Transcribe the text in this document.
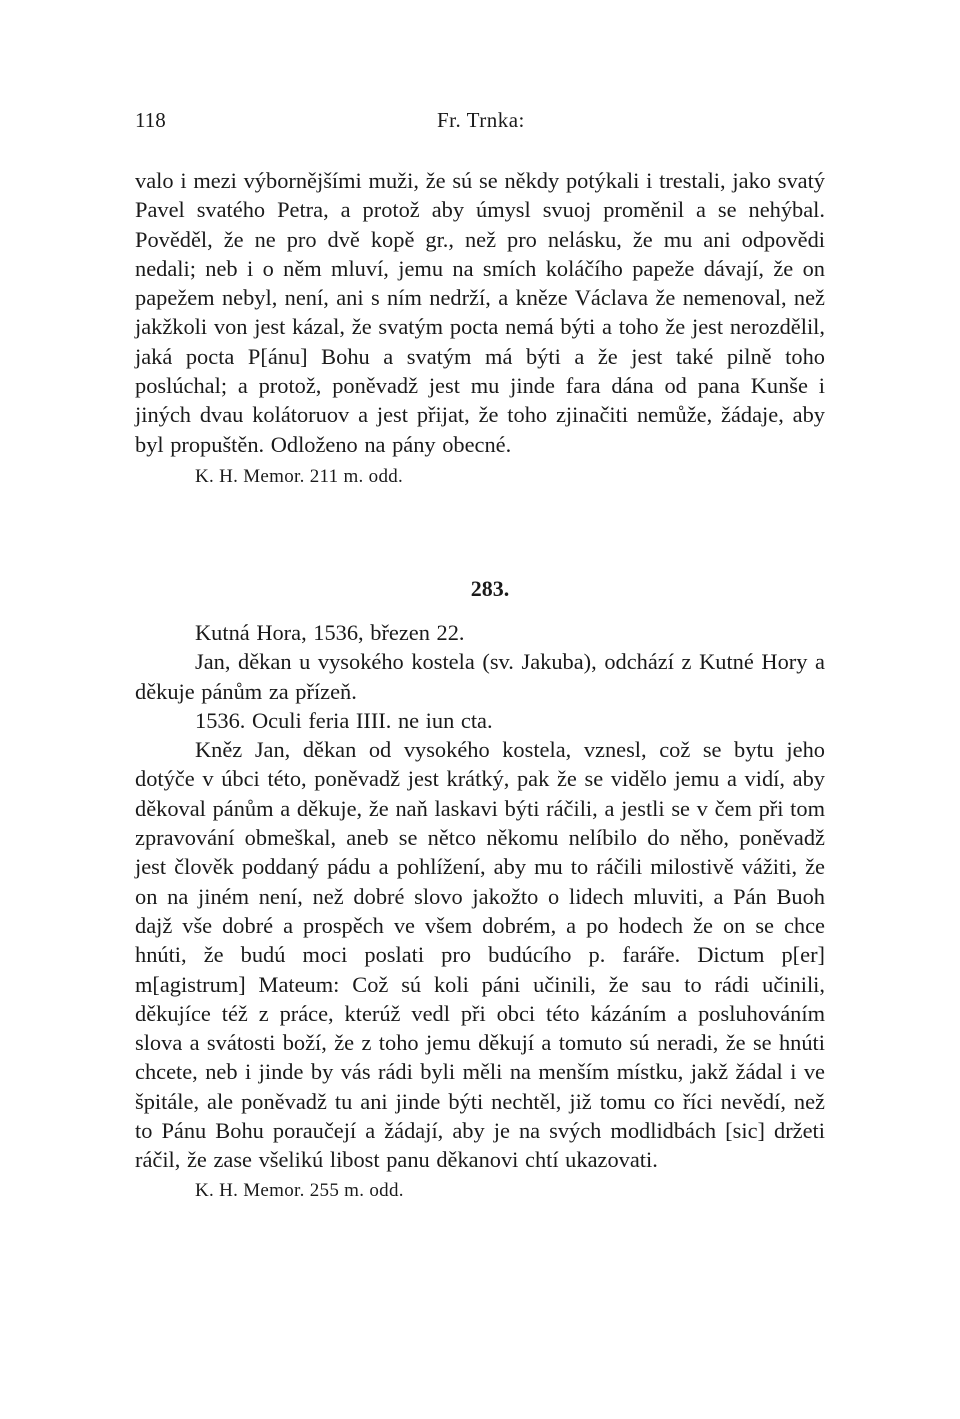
118	Fr. Trnka:

valo i mezi výbornějšími muži, že sú se někdy potýkali i trestali, jako svatý Pavel svatého Petra, a protož aby úmysl svuoj proměnil a se nehýbal. Pověděl, že ne pro dvě kopě gr., než pro nelásku, že mu ani odpovědi nedali; neb i o něm mluví, jemu na smích koláčího papeže dávají, že on papežem nebyl, není, ani s ním nedrží, a kněze Václava že nemenoval, než jakžkoli von jest kázal, že svatým pocta nemá býti a toho že jest nerozdělil, jaká pocta P[ánu] Bohu a svatým má býti a že jest také pilně toho poslúchal; a protož, poněvadž jest mu jinde fara dána od pana Kunše i jiných dvau kolátoruov a jest přijat, že toho zjinačiti nemůže, žádaje, aby byl propuštěn. Odloženo na pány obecné.

K. H. Memor. 211 m. odd.

283.

Kutná Hora, 1536, březen 22.

Jan, děkan u vysokého kostela (sv. Jakuba), odchází z Kutné Hory a děkuje pánům za přízeň.

1536. Oculi feria IIII. ne iun cta.

Kněz Jan, děkan od vysokého kostela, vznesl, což se bytu jeho dotýče v úbci této, poněvadž jest krátký, pak že se vidělo jemu a vidí, aby děkoval pánům a děkuje, že naň laskavi býti ráčili, a jestli se v čem při tom zpravování obmeškal, aneb se nětco někomu nelíbilo do něho, poněvadž jest člověk poddaný pádu a pohlížení, aby mu to ráčili milostivě vážiti, že on na jiném není, než dobré slovo jakožto o lidech mluviti, a Pán Buoh dajž vše dobré a prospěch ve všem dobrém, a po hodech že on se chce hnúti, že budú moci poslati pro budúcího p. faráře. Dictum p[er] m[agistrum] Mateum: Což sú koli páni učinili, že sau to rádi učinili, děkujíce též z práce, kterúž vedl při obci této kázáním a posluhováním slova a svátosti boží, že z toho jemu děkují a tomuto sú neradi, že se hnúti chcete, neb i jinde by vás rádi byli měli na menším místku, jakž žádal i ve špitále, ale poněvadž tu ani jinde býti nechtěl, již tomu co říci nevědí, než to Pánu Bohu poraučejí a žádají, aby je na svých modlidbách [sic] držeti ráčil, že zase všelikú libost panu děkanovi chtí ukazovati.

K. H. Memor. 255 m. odd.
